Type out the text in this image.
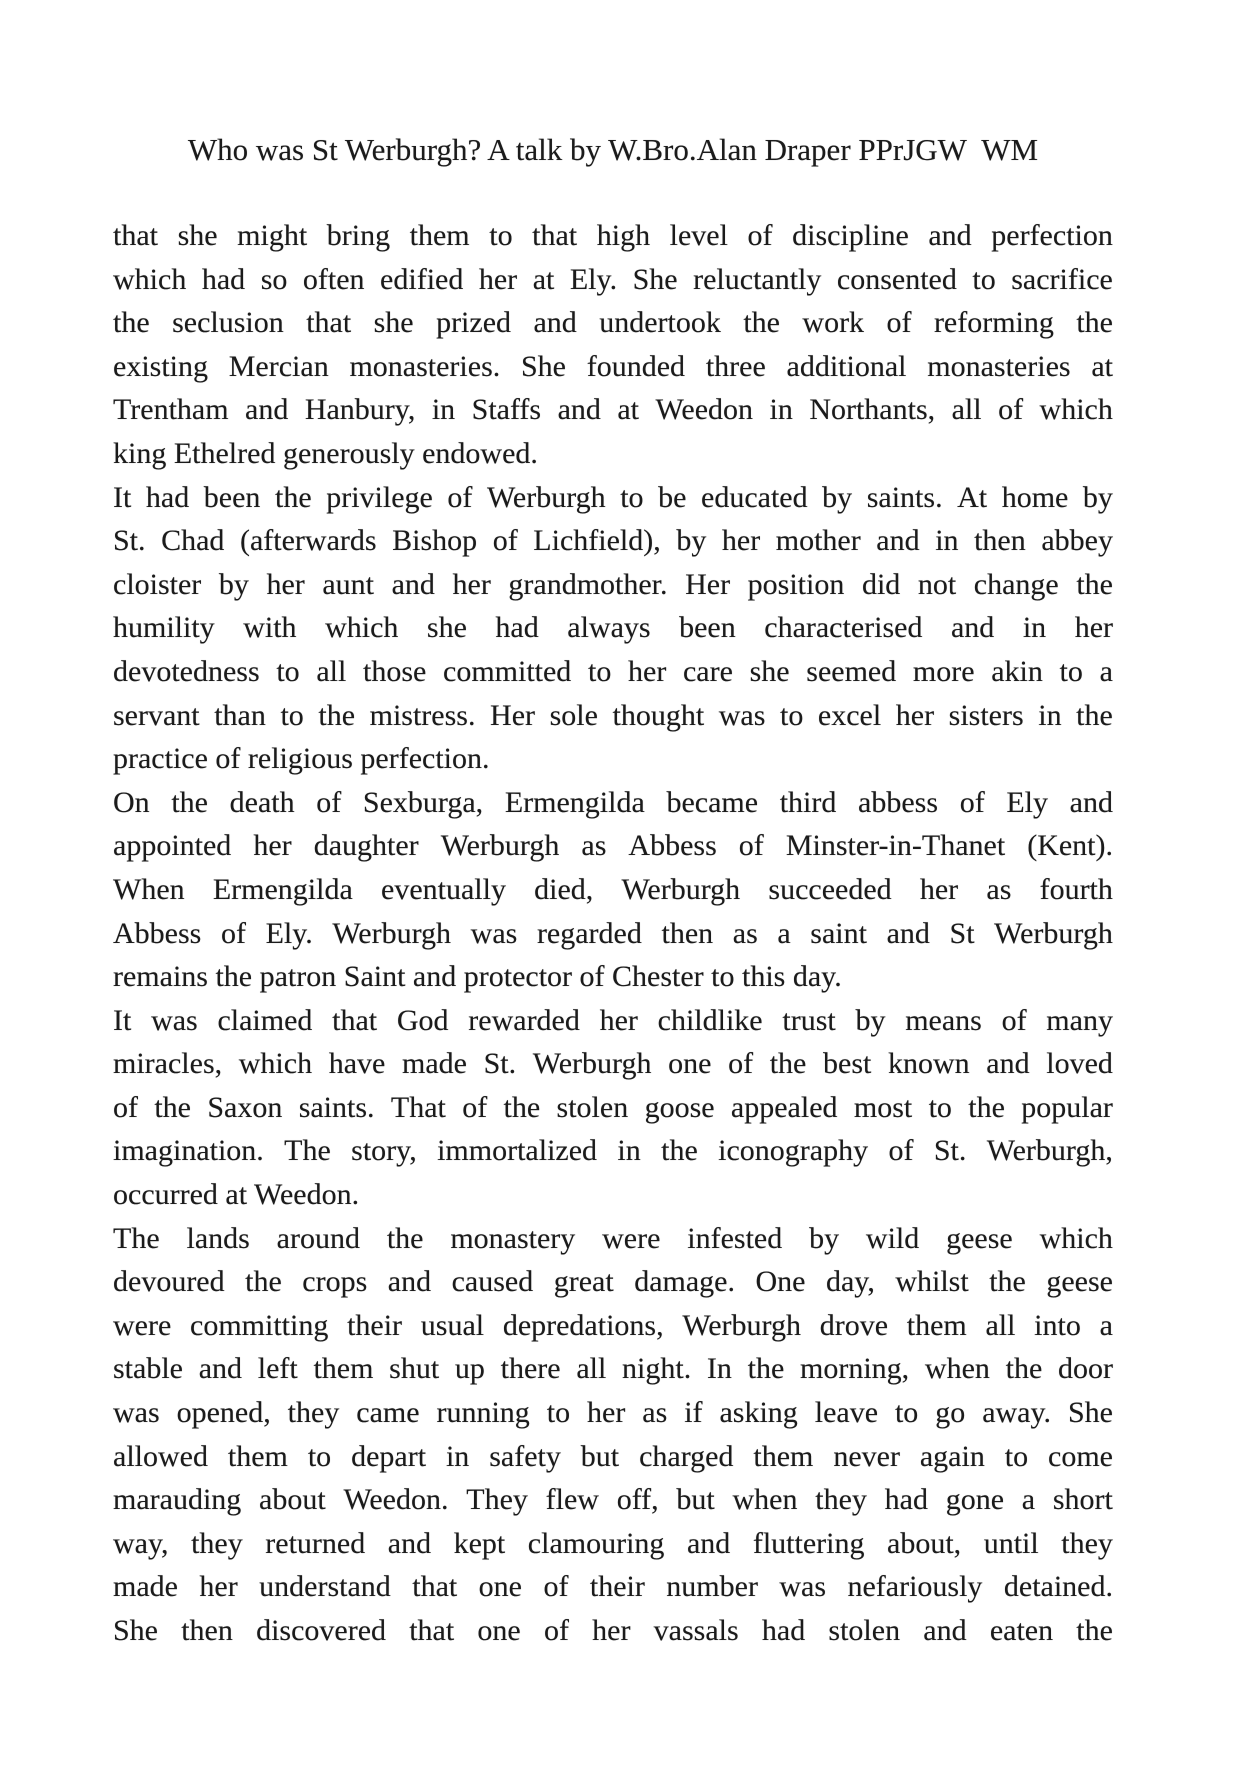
Who was St Werburgh? A talk by W.Bro.Alan Draper PPrJGW  WM
that she might bring them to that high level of discipline and perfection
which had so often edified her at Ely. She reluctantly consented to sacrifice
the seclusion that she prized and undertook the work of reforming the
existing Mercian monasteries. She founded three additional monasteries at
Trentham and Hanbury, in Staffs and at Weedon in Northants, all of which
king Ethelred generously endowed.
It had been the privilege of Werburgh to be educated by saints. At home by
St. Chad (afterwards Bishop of Lichfield), by her mother and in then abbey
cloister by her aunt and her grandmother. Her position did not change the
humility with which she had always been characterised and in her
devotedness to all those committed to her care she seemed more akin to a
servant than to the mistress. Her sole thought was to excel her sisters in the
practice of religious perfection.
On the death of Sexburga, Ermengilda became third abbess of Ely and
appointed her daughter Werburgh as Abbess of Minster-in-Thanet (Kent).
When Ermengilda eventually died, Werburgh succeeded her as fourth
Abbess of Ely. Werburgh was regarded then as a saint and St Werburgh
remains the patron Saint and protector of Chester to this day.
It was claimed that God rewarded her childlike trust by means of many
miracles, which have made St. Werburgh one of the best known and loved
of the Saxon saints. That of the stolen goose appealed most to the popular
imagination. The story, immortalized in the iconography of St. Werburgh,
occurred at Weedon.
The lands around the monastery were infested by wild geese which
devoured the crops and caused great damage. One day, whilst the geese
were committing their usual depredations, Werburgh drove them all into a
stable and left them shut up there all night. In the morning, when the door
was opened, they came running to her as if asking leave to go away. She
allowed them to depart in safety but charged them never again to come
marauding about Weedon. They flew off, but when they had gone a short
way, they returned and kept clamouring and fluttering about, until they
made her understand that one of their number was nefariously detained.
She then discovered that one of her vassals had stolen and eaten the
